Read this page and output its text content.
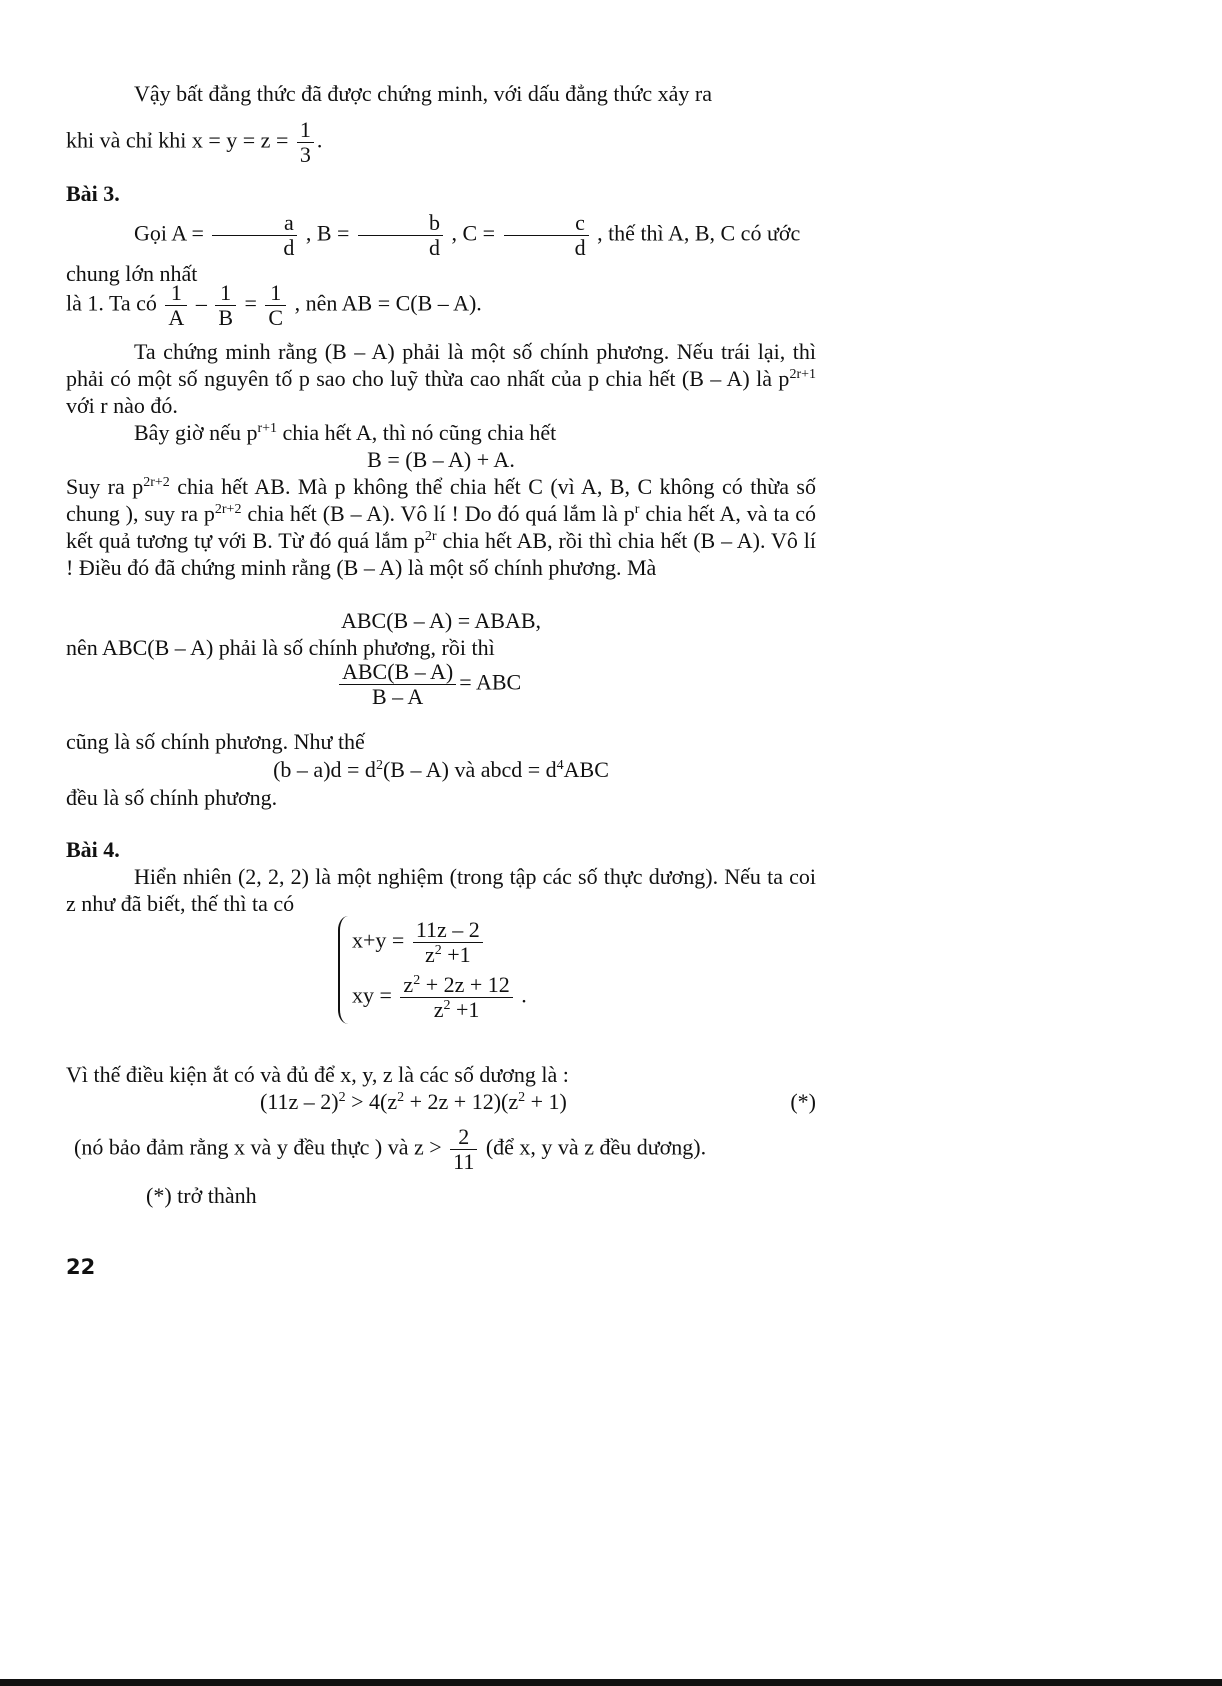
Vậy bất đẳng thức đã được chứng minh, với dấu đẳng thức xảy ra
khi và chỉ khi $x = y = z = \frac{1}{3}$ .
Bài 3.
Gọi $A = \frac{a}{d}$ , $B = \frac{b}{d}$ , $C = \frac{c}{d}$ , thế thì A, B, C có ước chung lớn nhất
là 1. Ta có $\frac{1}{A} - \frac{1}{B} = \frac{1}{C}$ , nên AB = C(B – A).
Ta chứng minh rằng (B – A) phải là một số chính phương. Nếu trái lại, thì phải có một số nguyên tố p sao cho luỹ thừa cao nhất của p chia hết (B – A) là $p^{2r+1}$ với r nào đó.
Bây giờ nếu $p^{r+1}$ chia hết A, thì nó cũng chia hết
B = (B – A) + A.
Suy ra $p^{2r+2}$ chia hết AB. Mà p không thể chia hết C (vì A, B, C không có thừa số chung ), suy ra $p^{2r+2}$ chia hết (B – A). Vô lí ! Do đó quá lắm là $p^r$ chia hết A, và ta có kết quả tương tự với B. Từ đó quá lắm $p^{2r}$ chia hết AB, rồi thì chia hết (B – A). Vô lí ! Điều đó đã chứng minh rằng (B – A) là một số chính phương. Mà
ABC(B – A) = ABAB,
nên ABC(B – A) phải là số chính phương, rồi thì
$\frac{\text{ABC(B – A)}}{B - A}$ = ABC
cũng là số chính phương. Như thế
$(b - a)d = d^2(B - A)$ và abcd = $d^4ABC$
đều là số chính phương.
Bài 4.
Hiển nhiên (2, 2, 2) là một nghiệm (trong tập các số thực dương). Nếu ta coi z như đã biết, thế thì ta có
$x+y = \frac{11z - 2}{z^2 +1}$
xy = $\frac{z^2 + 2z + 12}{z^2 +1}$ .
Vì thế điều kiện ắt có và đủ để x, y, z là các số dương là :
$(11z - 2)^2 > 4(z^2 + 2z + 12)(z^2 + 1)$	(*)
(nó bảo đảm rằng x và y đều thực ) và $z > \frac{2}{11}$ (để x, y và z đều dương).
(*) trở thành
22
